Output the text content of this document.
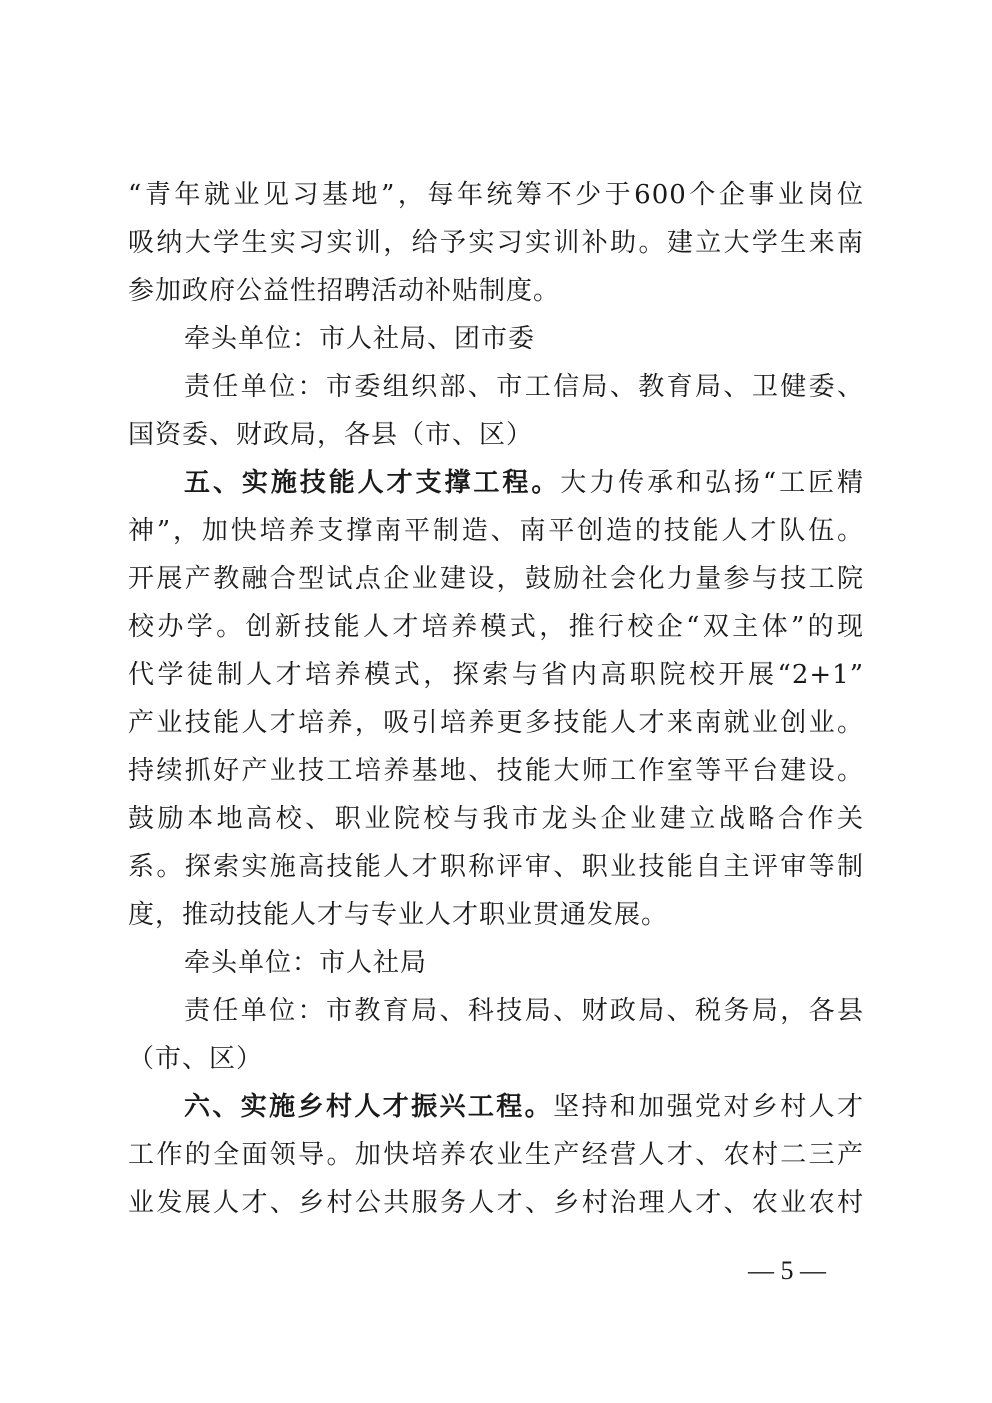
“青年就业见习基地”，每年统筹不少于600个企事业岗位
吸纳大学生实习实训，给予实习实训补助。建立大学生来南
参加政府公益性招聘活动补贴制度。
牵头单位：市人社局、团市委
责任单位：市委组织部、市工信局、教育局、卫健委、
国资委、财政局，各县（市、区）
五、实施技能人才支撑工程。大力传承和弘扬“工匠精
神”，加快培养支撑南平制造、南平创造的技能人才队伍。
开展产教融合型试点企业建设，鼓励社会化力量参与技工院
校办学。创新技能人才培养模式，推行校企“双主体”的现
代学徒制人才培养模式，探索与省内高职院校开展“2+1”
产业技能人才培养，吸引培养更多技能人才来南就业创业。
持续抓好产业技工培养基地、技能大师工作室等平台建设。
鼓励本地高校、职业院校与我市龙头企业建立战略合作关
系。探索实施高技能人才职称评审、职业技能自主评审等制
度，推动技能人才与专业人才职业贯通发展。
牵头单位：市人社局
责任单位：市教育局、科技局、财政局、税务局，各县
（市、区）
六、实施乡村人才振兴工程。坚持和加强党对乡村人才
工作的全面领导。加快培养农业生产经营人才、农村二三产
业发展人才、乡村公共服务人才、乡村治理人才、农业农村
— 5 —
